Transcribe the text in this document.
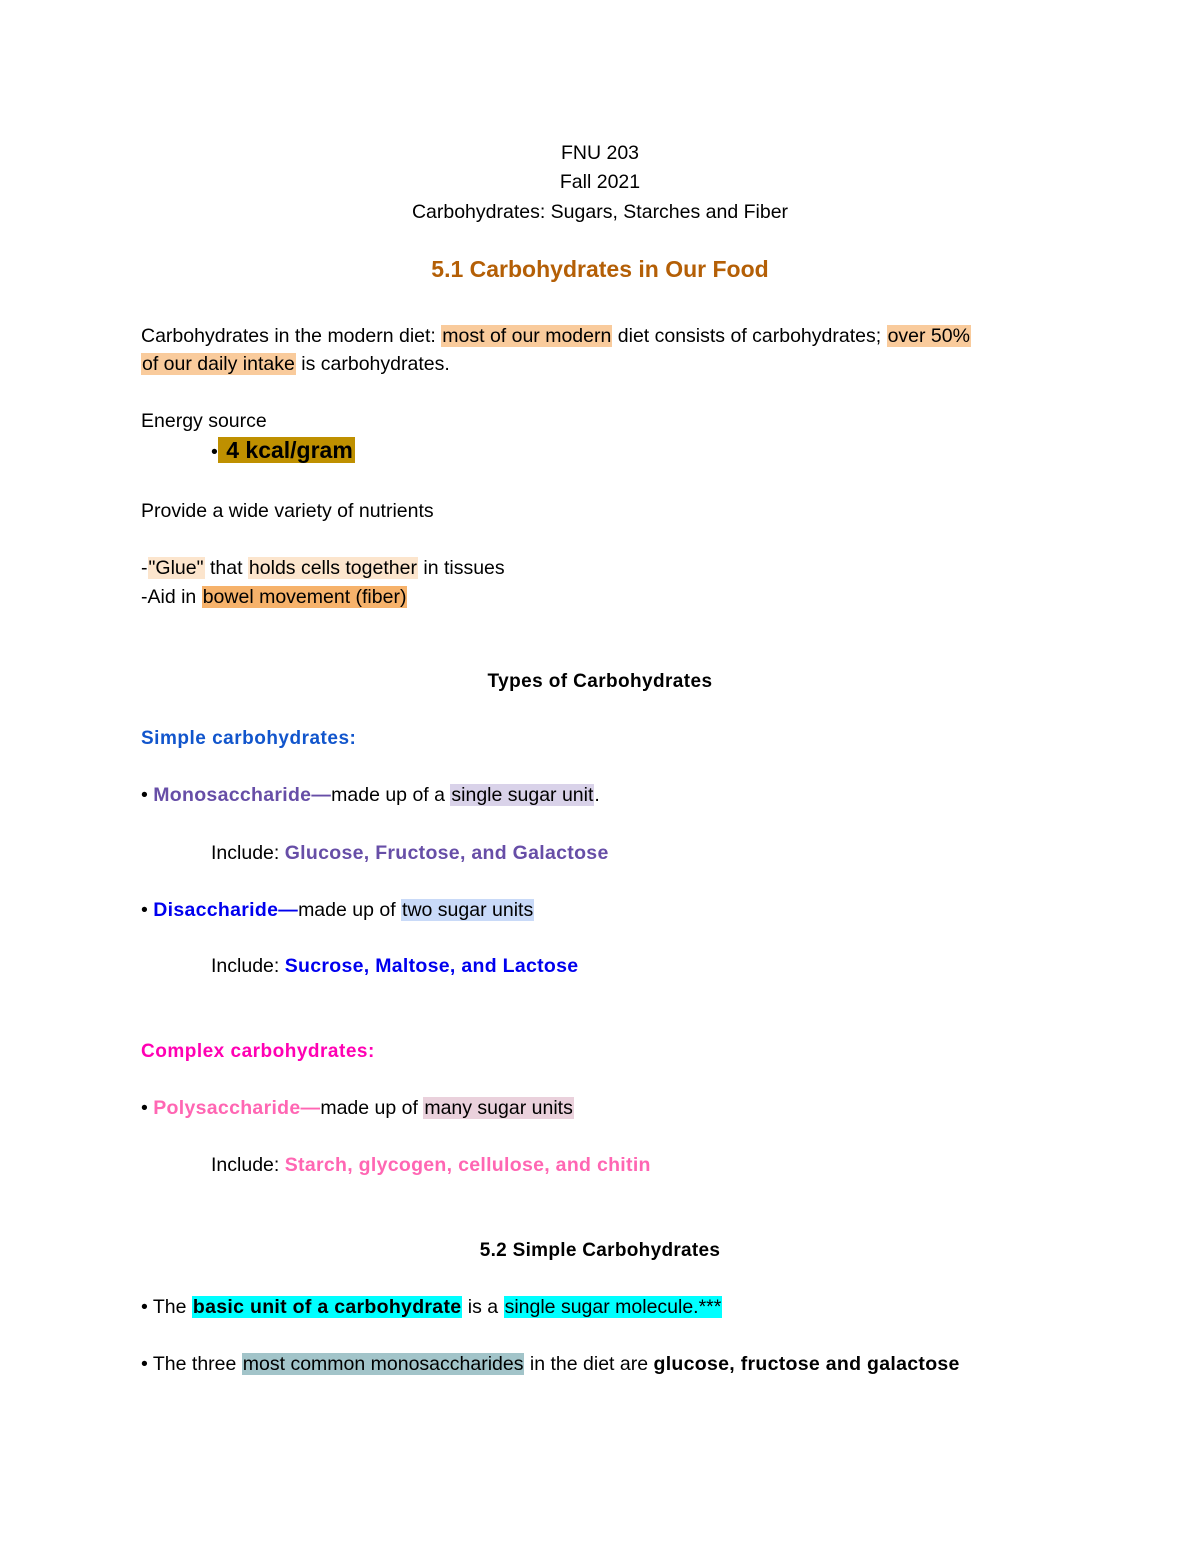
FNU 203
Fall 2021
Carbohydrates: Sugars, Starches and Fiber
5.1 Carbohydrates in Our Food
Carbohydrates in the modern diet: most of our modern diet consists of carbohydrates; over 50%
of our daily intake is carbohydrates.
Energy source
• 4 kcal/gram
Provide a wide variety of nutrients
-"Glue" that holds cells together in tissues
-Aid in bowel movement (fiber)
Types of Carbohydrates
Simple carbohydrates:
• Monosaccharide—made up of a single sugar unit.
Include: Glucose, Fructose, and Galactose
• Disaccharide—made up of two sugar units
Include: Sucrose, Maltose, and Lactose
Complex carbohydrates:
• Polysaccharide—made up of many sugar units
Include: Starch, glycogen, cellulose, and chitin
5.2 Simple Carbohydrates
• The basic unit of a carbohydrate is a single sugar molecule.***
• The three most common monosaccharides in the diet are glucose, fructose and galactose
